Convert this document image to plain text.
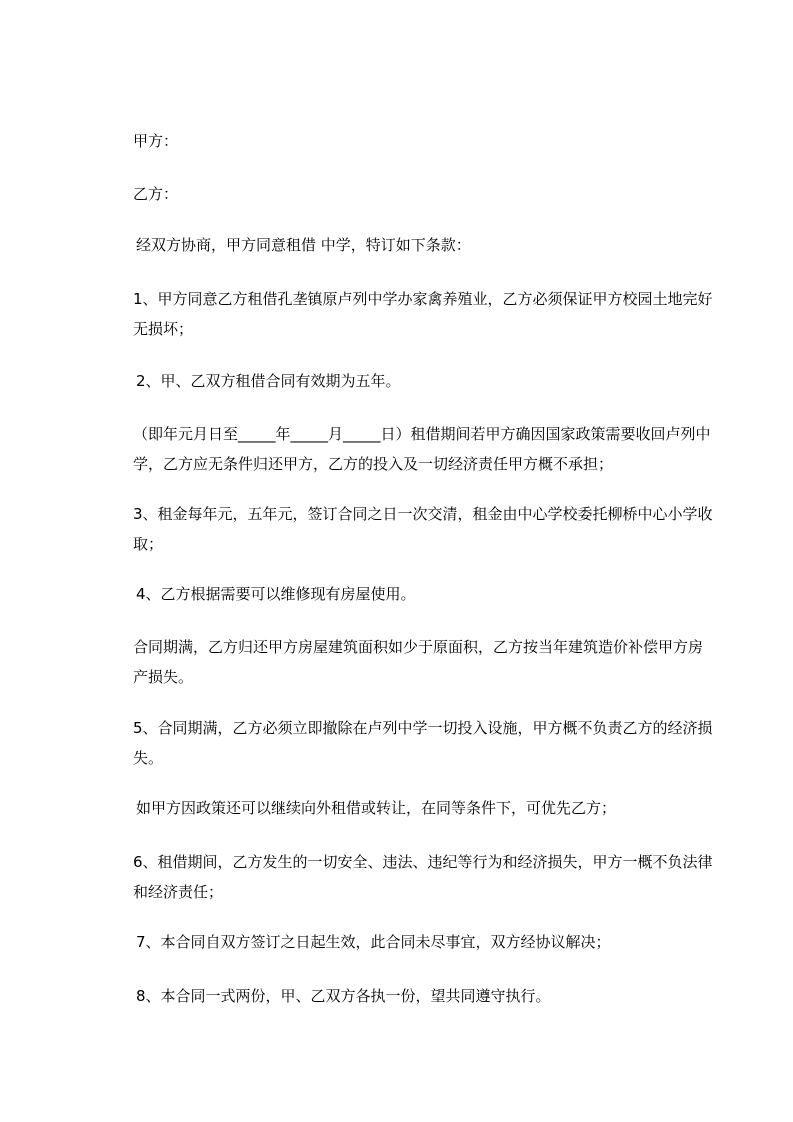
甲方：

乙方：

经双方协商，甲方同意租借 中学，特订如下条款：

1、甲方同意乙方租借孔垄镇原卢列中学办家禽养殖业，乙方必须保证甲方校园土地完好无损坏；

2、甲、乙双方租借合同有效期为五年。

（即年元月日至_____年_____月_____日）租借期间若甲方确因国家政策需要收回卢列中学，乙方应无条件归还甲方，乙方的投入及一切经济责任甲方概不承担；

3、租金每年元，五年元，签订合同之日一次交清，租金由中心学校委托柳桥中心小学收取；

4、乙方根据需要可以维修现有房屋使用。

合同期满，乙方归还甲方房屋建筑面积如少于原面积，乙方按当年建筑造价补偿甲方房产损失。

5、合同期满，乙方必须立即撤除在卢列中学一切投入设施，甲方概不负责乙方的经济损失。

如甲方因政策还可以继续向外租借或转让，在同等条件下，可优先乙方；

6、租借期间，乙方发生的一切安全、违法、违纪等行为和经济损失，甲方一概不负法律和经济责任；

7、本合同自双方签订之日起生效，此合同未尽事宜，双方经协议解决；

8、本合同一式两份，甲、乙双方各执一份，望共同遵守执行。
